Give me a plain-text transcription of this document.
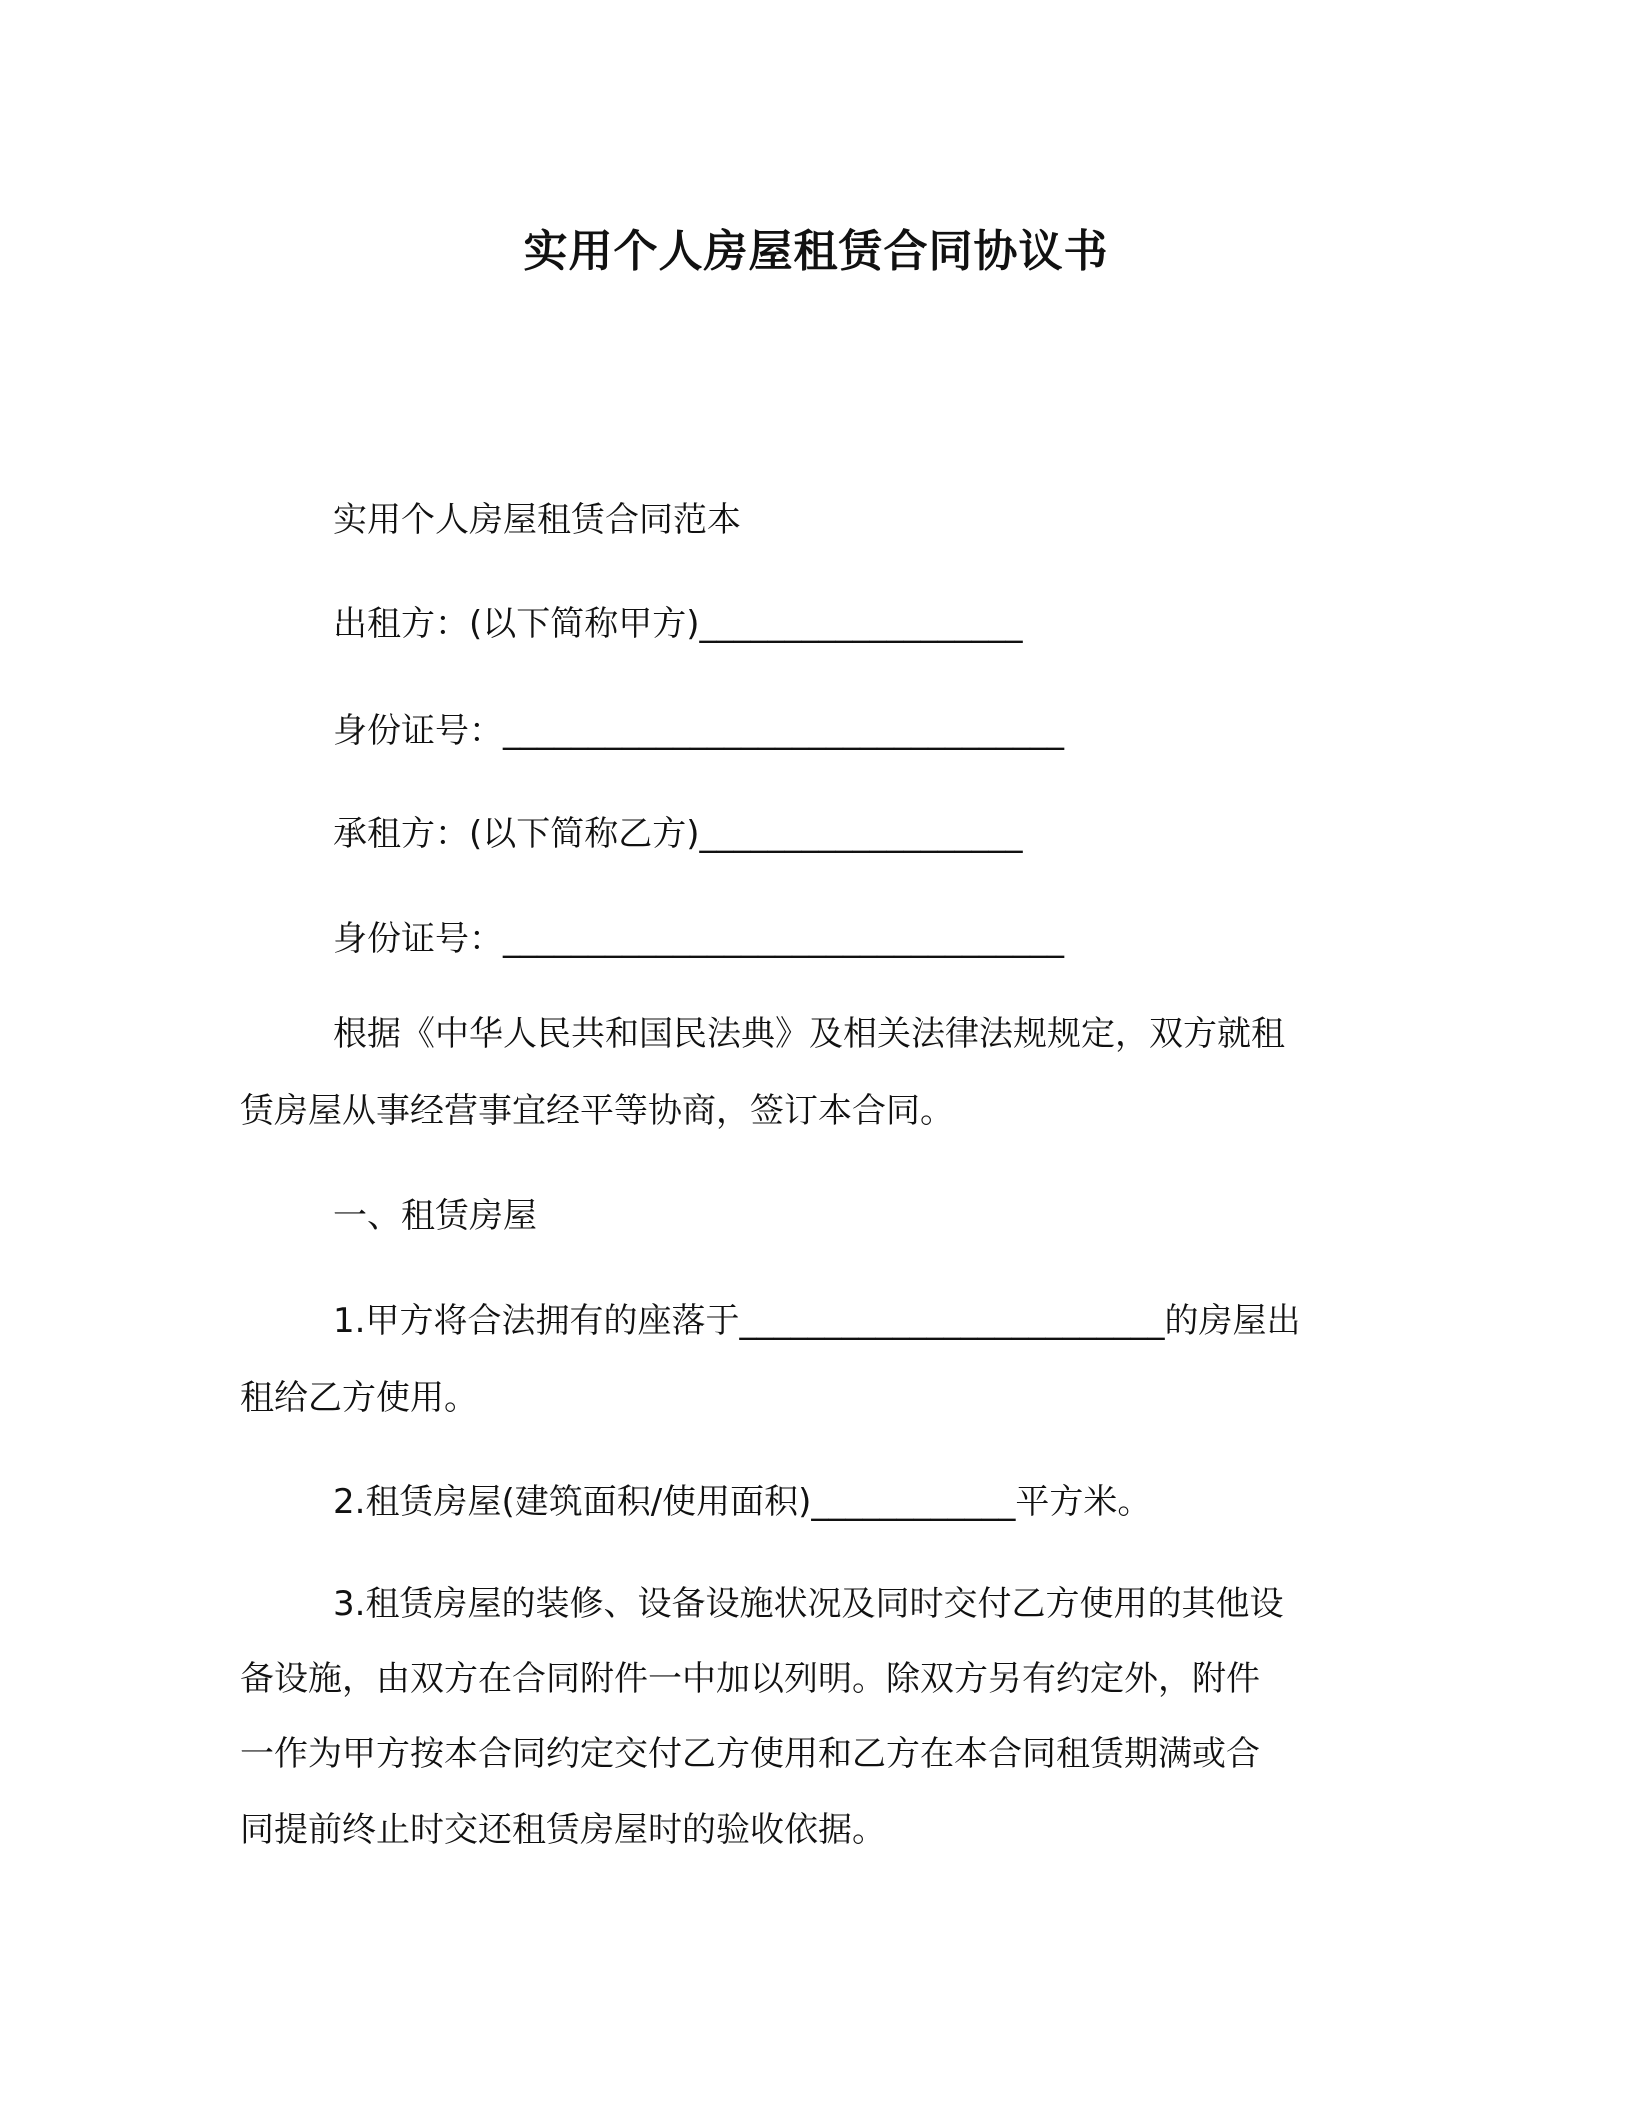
实用个人房屋租赁合同协议书
实用个人房屋租赁合同范本
出租方：(以下简称甲方)___________________
身份证号：_________________________________
承租方：(以下简称乙方)___________________
身份证号：_________________________________
根据《中华人民共和国民法典》及相关法律法规规定，双方就租
赁房屋从事经营事宜经平等协商，签订本合同。
一、租赁房屋
1.甲方将合法拥有的座落于_________________________的房屋出
租给乙方使用。
2.租赁房屋(建筑面积/使用面积)____________平方米。
3.租赁房屋的装修、设备设施状况及同时交付乙方使用的其他设
备设施，由双方在合同附件一中加以列明。除双方另有约定外，附件
一作为甲方按本合同约定交付乙方使用和乙方在本合同租赁期满或合
同提前终止时交还租赁房屋时的验收依据。
